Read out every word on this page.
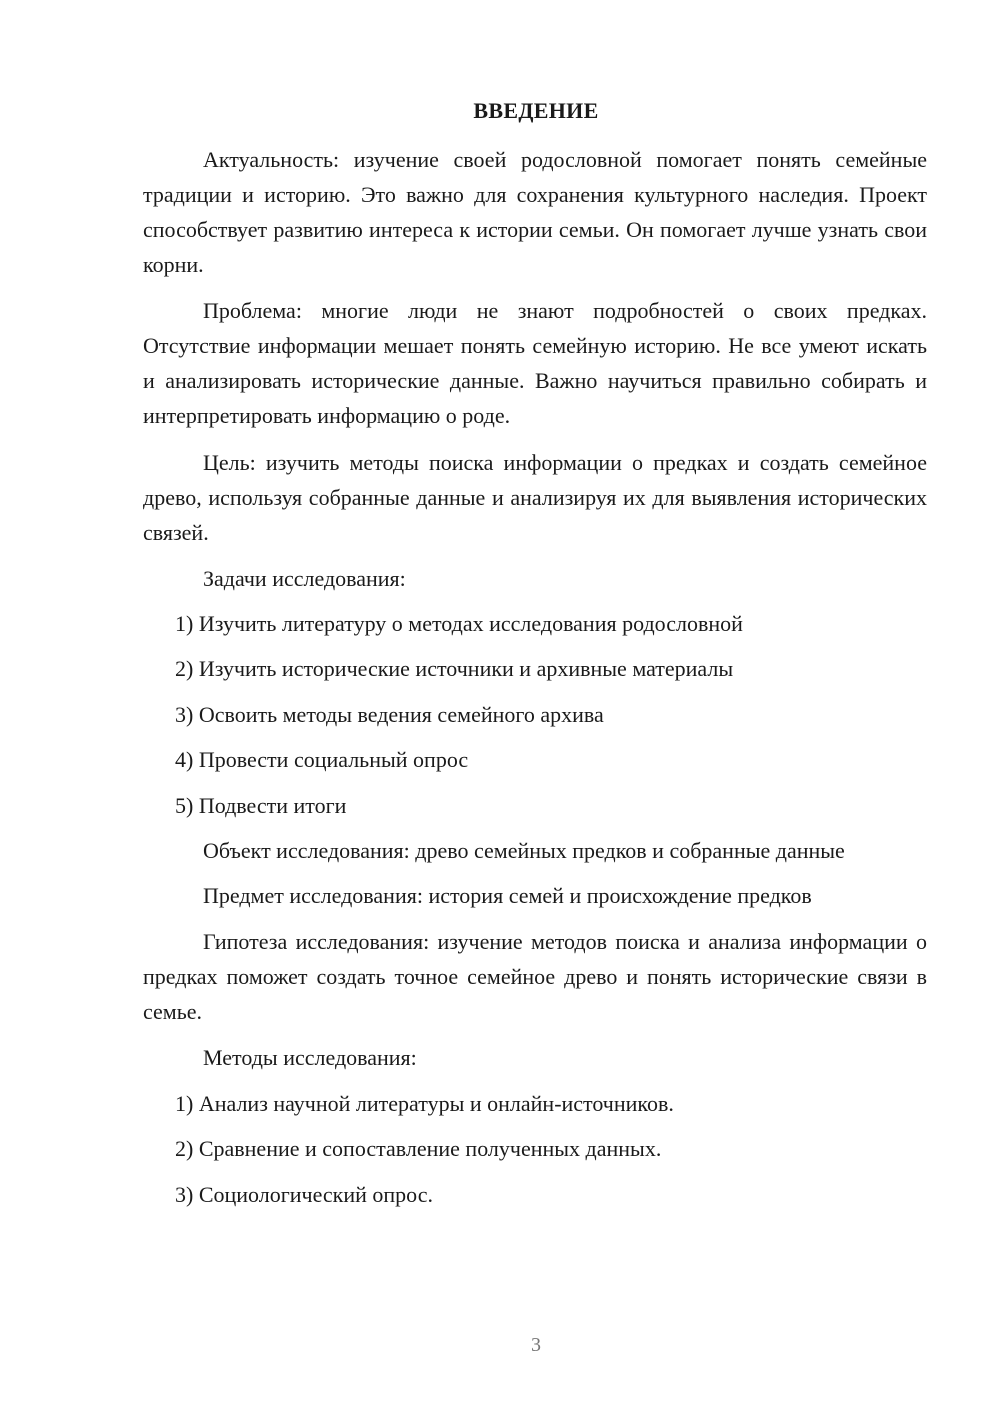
ВВЕДЕНИЕ

Актуальность: изучение своей родословной помогает понять семейные традиции и историю. Это важно для сохранения культурного наследия. Проект способствует развитию интереса к истории семьи. Он помогает лучше узнать свои корни.

Проблема: многие люди не знают подробностей о своих предках. Отсутствие информации мешает понять семейную историю. Не все умеют искать и анализировать исторические данные. Важно научиться правильно собирать и интерпретировать информацию о роде.

Цель: изучить методы поиска информации о предках и создать семейное древо, используя собранные данные и анализируя их для выявления исторических связей.

Задачи исследования:
1) Изучить литературу о методах исследования родословной
2) Изучить исторические источники и архивные материалы
3) Освоить методы ведения семейного архива
4) Провести социальный опрос
5) Подвести итоги
Объект исследования: древо семейных предков и собранные данные
Предмет исследования: история семей и происхождение предков

Гипотеза исследования: изучение методов поиска и анализа информации о предках поможет создать точное семейное древо и понять исторические связи в семье.

Методы исследования:
1) Анализ научной литературы и онлайн-источников.
2) Сравнение и сопоставление полученных данных.
3) Социологический опрос.
3
